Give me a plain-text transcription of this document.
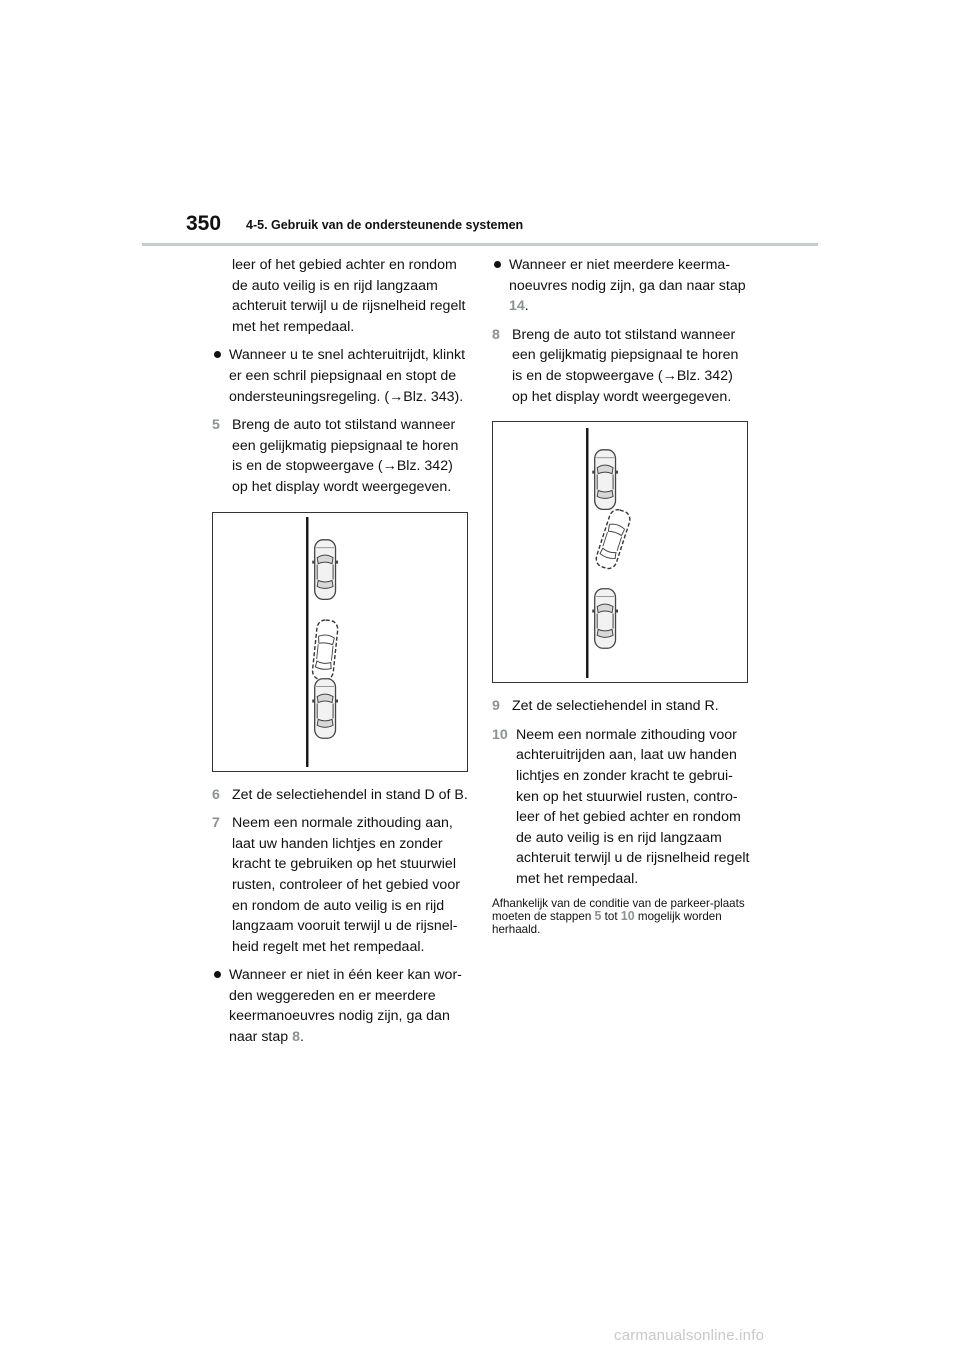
350 4-5. Gebruik van de ondersteunende systemen

leer of het gebied achter en rondom de auto veilig is en rijd langzaam achteruit terwijl u de rijsnelheid regelt met het rempedaal.

Wanneer u te snel achteruitrijdt, klinkt er een schril piepsignaal en stopt de ondersteuningsregeling. (→Blz. 343).

5 Breng de auto tot stilstand wanneer een gelijkmatig piepsignaal te horen is en de stopweergave (→Blz. 342) op het display wordt weergegeven.

6 Zet de selectiehendel in stand D of B.

7 Neem een normale zithouding aan, laat uw handen lichtjes en zonder kracht te gebruiken op het stuurwiel rusten, controleer of het gebied voor en rondom de auto veilig is en rijd langzaam vooruit terwijl u de rijsnel-heid regelt met het rempedaal.

Wanneer er niet in één keer kan wor-den weggereden en er meerdere keermanoeuvres nodig zijn, ga dan naar stap 8.

Wanneer er niet meerdere keerma-noeuvres nodig zijn, ga dan naar stap 14.

8 Breng de auto tot stilstand wanneer een gelijkmatig piepsignaal te horen is en de stopweergave (→Blz. 342) op het display wordt weergegeven.

9 Zet de selectiehendel in stand R.

10 Neem een normale zithouding voor achteruitrijden aan, laat uw handen lichtjes en zonder kracht te gebrui-ken op het stuurwiel rusten, contro-leer of het gebied achter en rondom de auto veilig is en rijd langzaam achteruit terwijl u de rijsnelheid regelt met het rempedaal.

Afhankelijk van de conditie van de parkeer-plaats moeten de stappen 5 tot 10 mogelijk worden herhaald.

carmanualsonline.info
